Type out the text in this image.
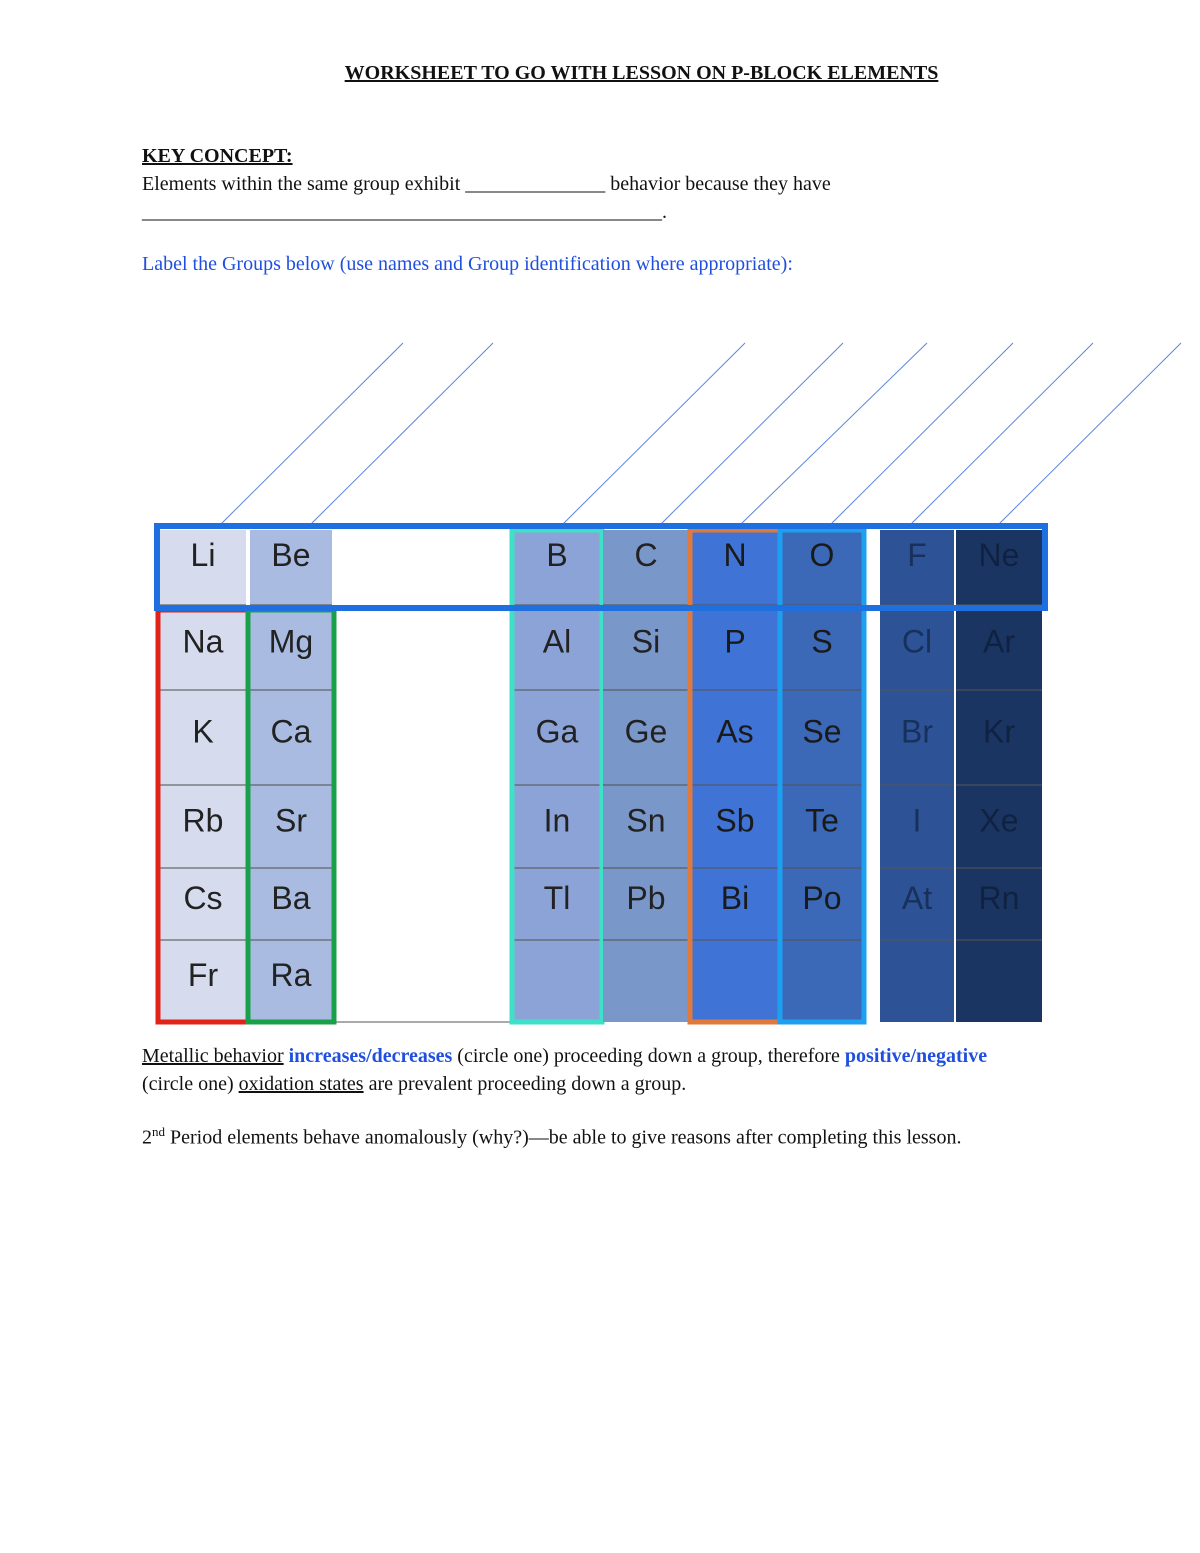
WORKSHEET TO GO WITH LESSON ON P-BLOCK ELEMENTS
KEY CONCEPT:
Elements within the same group exhibit ______________ behavior because they have
____________________________________________________.
Label the Groups below (use names and Group identification where appropriate):
Li
Na
K
Rb
Cs
Fr
Be
Mg
Ca
Sr
Ba
Ra
B
Al
Ga
In
Tl
C
Si
Ge
Sn
Pb
N
P
As
Sb
Bi
O
S
Se
Te
Po
F
Cl
Br
I
At
Ne
Ar
Kr
Xe
Rn
Metallic behavior increases/decreases (circle one) proceeding down a group, therefore positive/negative
(circle one) oxidation states are prevalent proceeding down a group.
2nd Period elements behave anomalously (why?)—be able to give reasons after completing this lesson.
